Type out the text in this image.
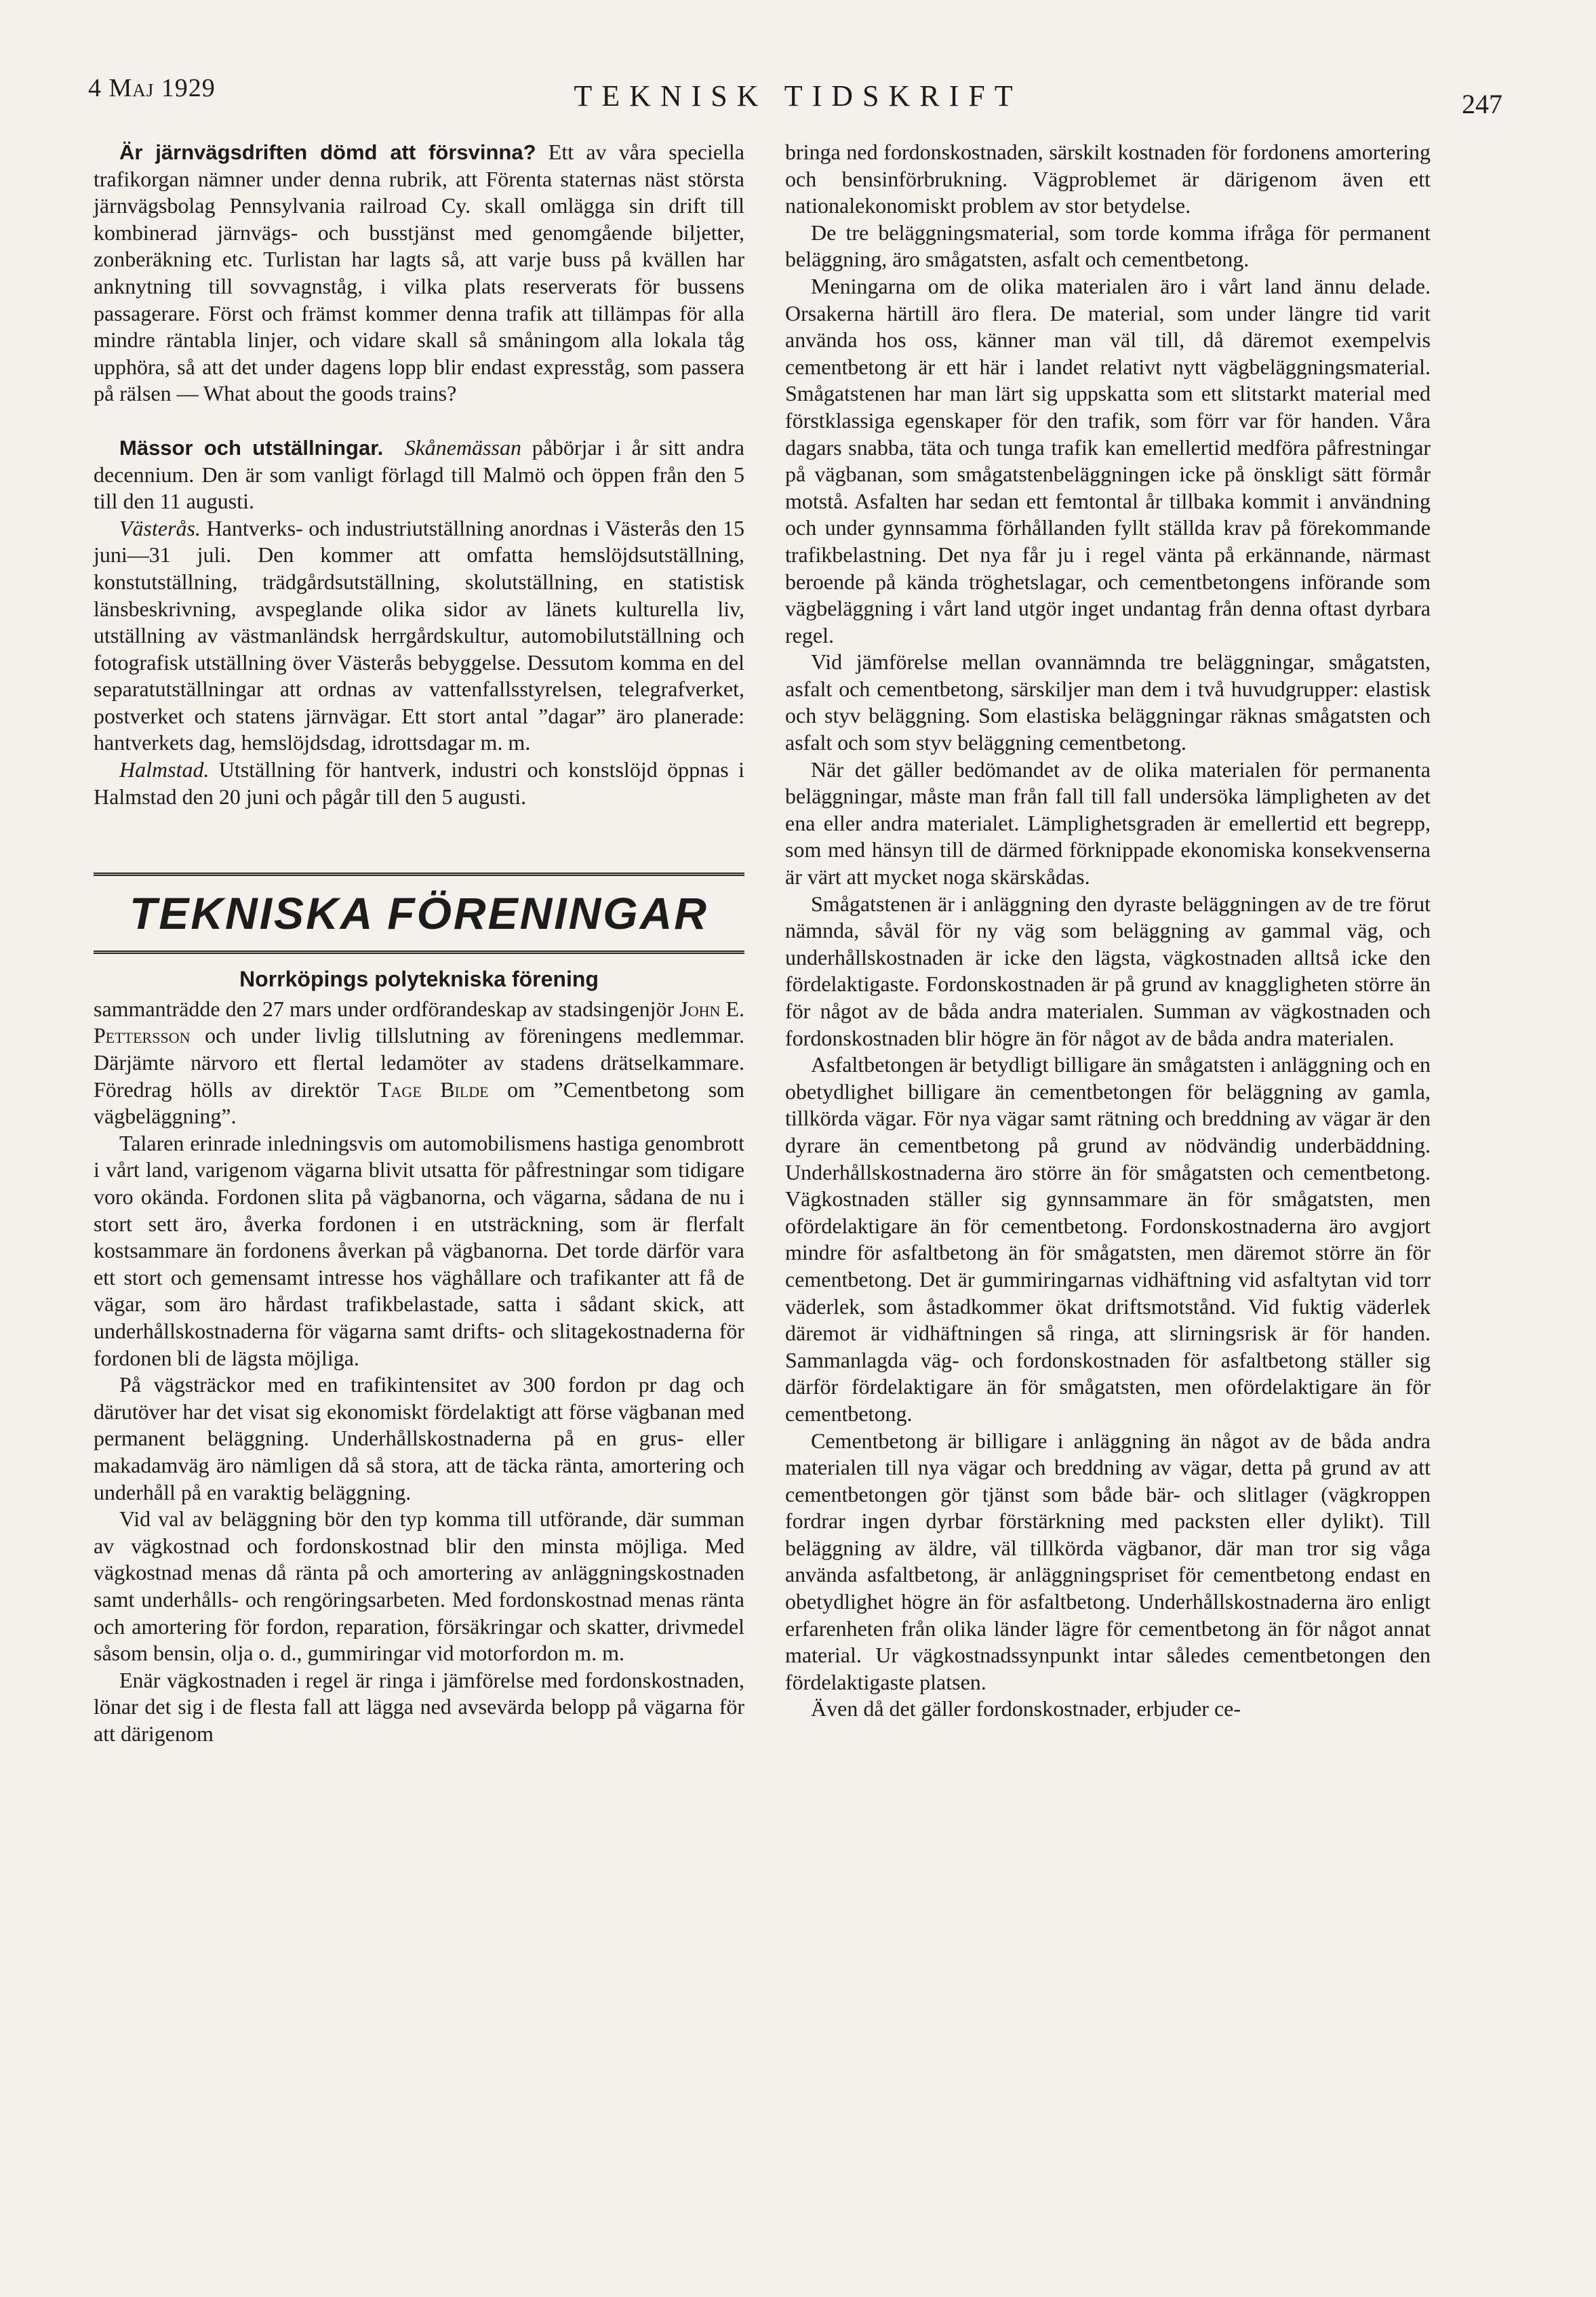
4 Maj 1929	TEKNISK TIDSKRIFT	247

Är järnvägsdriften dömd att försvinna? Ett av våra speciella trafikorgan nämner under denna rubrik, att Förenta staternas näst största järnvägsbolag Pennsylvania railroad Cy. skall omlägga sin drift till kombinerad järnvägs- och busstjänst med genomgående biljetter, zonberäkning etc. Turlistan har lagts så, att varje buss på kvällen har anknytning till sovvagnståg, i vilka plats reserverats för bussens passagerare. Först och främst kommer denna trafik att tillämpas för alla mindre räntabla linjer, och vidare skall så småningom alla lokala tåg upphöra, så att det under dagens lopp blir endast expresståg, som passera på rälsen — What about the goods trains?

Mässor och utställningar. Skånemässan påbörjar i år sitt andra decennium. Den är som vanligt förlagd till Malmö och öppen från den 5 till den 11 augusti.

Västerås. Hantverks- och industriutställning anordnas i Västerås den 15 juni—31 juli. Den kommer att omfatta hemslöjdsutställning, konstutställning, trädgårdsutställning, skolutställning, en statistisk länsbeskrivning, avspeglande olika sidor av länets kulturella liv, utställning av västmanländsk herrgårdskultur, automobilutställning och fotografisk utställning över Västerås bebyggelse. Dessutom komma en del separatutställningar att ordnas av vattenfallsstyrelsen, telegrafverket, postverket och statens järnvägar. Ett stort antal ”dagar” äro planerade: hantverkets dag, hemslöjdsdag, idrottsdagar m. m.

Halmstad. Utställning för hantverk, industri och konstslöjd öppnas i Halmstad den 20 juni och pågår till den 5 augusti.

TEKNISKA FÖRENINGAR
Norrköpings polytekniska förening

sammanträdde den 27 mars under ordförandeskap av stadsingenjör John E. Pettersson och under livlig tillslutning av föreningens medlemmar. Därjämte närvoro ett flertal ledamöter av stadens drätselkammare. Föredrag hölls av direktör Tage Bilde om ”Cementbetong som vägbeläggning”.

Talaren erinrade inledningsvis om automobilismens hastiga genombrott i vårt land, varigenom vägarna blivit utsatta för påfrestningar som tidigare voro okända. Fordonen slita på vägbanorna, och vägarna, sådana de nu i stort sett äro, åverka fordonen i en utsträckning, som är flerfalt kostsammare än fordonens åverkan på vägbanorna. Det torde därför vara ett stort och gemensamt intresse hos väghållare och trafikanter att få de vägar, som äro hårdast trafikbelastade, satta i sådant skick, att underhållskostnaderna för vägarna samt drifts- och slitagekostnaderna för fordonen bli de lägsta möjliga.

På vägsträckor med en trafikintensitet av 300 fordon pr dag och därutöver har det visat sig ekonomiskt fördelaktigt att förse vägbanan med permanent beläggning. Underhållskostnaderna på en grus- eller makadamväg äro nämligen då så stora, att de täcka ränta, amortering och underhåll på en varaktig beläggning.

Vid val av beläggning bör den typ komma till utförande, där summan av vägkostnad och fordonskostnad blir den minsta möjliga. Med vägkostnad menas då ränta på och amortering av anläggningskostnaden samt underhålls- och rengöringsarbeten. Med fordonskostnad menas ränta och amortering för fordon, reparation, försäkringar och skatter, drivmedel såsom bensin, olja o. d., gummiringar vid motorfordon m. m.

Enär vägkostnaden i regel är ringa i jämförelse med fordonskostnaden, lönar det sig i de flesta fall att lägga ned avsevärda belopp på vägarna för att därigenom

bringa ned fordonskostnaden, särskilt kostnaden för fordonens amortering och bensinförbrukning. Vägproblemet är därigenom även ett nationalekonomiskt problem av stor betydelse.

De tre beläggningsmaterial, som torde komma ifråga för permanent beläggning, äro smågatsten, asfalt och cementbetong.

Meningarna om de olika materialen äro i vårt land ännu delade. Orsakerna härtill äro flera. De material, som under längre tid varit använda hos oss, känner man väl till, då däremot exempelvis cementbetong är ett här i landet relativt nytt vägbeläggningsmaterial. Smågatstenen har man lärt sig uppskatta som ett slitstarkt material med förstklassiga egenskaper för den trafik, som förr var för handen. Våra dagars snabba, täta och tunga trafik kan emellertid medföra påfrestningar på vägbanan, som smågatstenbeläggningen icke på önskligt sätt förmår motstå. Asfalten har sedan ett femtontal år tillbaka kommit i användning och under gynnsamma förhållanden fyllt ställda krav på förekommande trafikbelastning. Det nya får ju i regel vänta på erkännande, närmast beroende på kända tröghetslagar, och cementbetongens införande som vägbeläggning i vårt land utgör inget undantag från denna oftast dyrbara regel.

Vid jämförelse mellan ovannämnda tre beläggningar, smågatsten, asfalt och cementbetong, särskiljer man dem i två huvudgrupper: elastisk och styv beläggning. Som elastiska beläggningar räknas smågatsten och asfalt och som styv beläggning cementbetong.

När det gäller bedömandet av de olika materialen för permanenta beläggningar, måste man från fall till fall undersöka lämpligheten av det ena eller andra materialet. Lämplighetsgraden är emellertid ett begrepp, som med hänsyn till de därmed förknippade ekonomiska konsekvenserna är värt att mycket noga skärskådas.

Smågatstenen är i anläggning den dyraste beläggningen av de tre förut nämnda, såväl för ny väg som beläggning av gammal väg, och underhållskostnaden är icke den lägsta, vägkostnaden alltså icke den fördelaktigaste. Fordonskostnaden är på grund av knaggligheten större än för något av de båda andra materialen. Summan av vägkostnaden och fordonskostnaden blir högre än för något av de båda andra materialen.

Asfaltbetongen är betydligt billigare än smågatsten i anläggning och en obetydlighet billigare än cementbetongen för beläggning av gamla, tillkörda vägar. För nya vägar samt rätning och breddning av vägar är den dyrare än cementbetong på grund av nödvändig underbäddning. Underhållskostnaderna äro större än för smågatsten och cementbetong. Vägkostnaden ställer sig gynnsammare än för smågatsten, men ofördelaktigare än för cementbetong. Fordonskostnaderna äro avgjort mindre för asfaltbetong än för smågatsten, men däremot större än för cementbetong. Det är gummiringarnas vidhäftning vid asfaltytan vid torr väderlek, som åstadkommer ökat driftsmotstånd. Vid fuktig väderlek däremot är vidhäftningen så ringa, att slirningsrisk är för handen. Sammanlagda väg- och fordonskostnaden för asfaltbetong ställer sig därför fördelaktigare än för smågatsten, men ofördelaktigare än för cementbetong.

Cementbetong är billigare i anläggning än något av de båda andra materialen till nya vägar och breddning av vägar, detta på grund av att cementbetongen gör tjänst som både bär- och slitlager (vägkroppen fordrar ingen dyrbar förstärkning med packsten eller dylikt). Till beläggning av äldre, väl tillkörda vägbanor, där man tror sig våga använda asfaltbetong, är anläggningspriset för cementbetong endast en obetydlighet högre än för asfaltbetong. Underhållskostnaderna äro enligt erfarenheten från olika länder lägre för cementbetong än för något annat material. Ur vägkostnadssynpunkt intar således cementbetongen den fördelaktigaste platsen.

Även då det gäller fordonskostnader, erbjuder ce-
